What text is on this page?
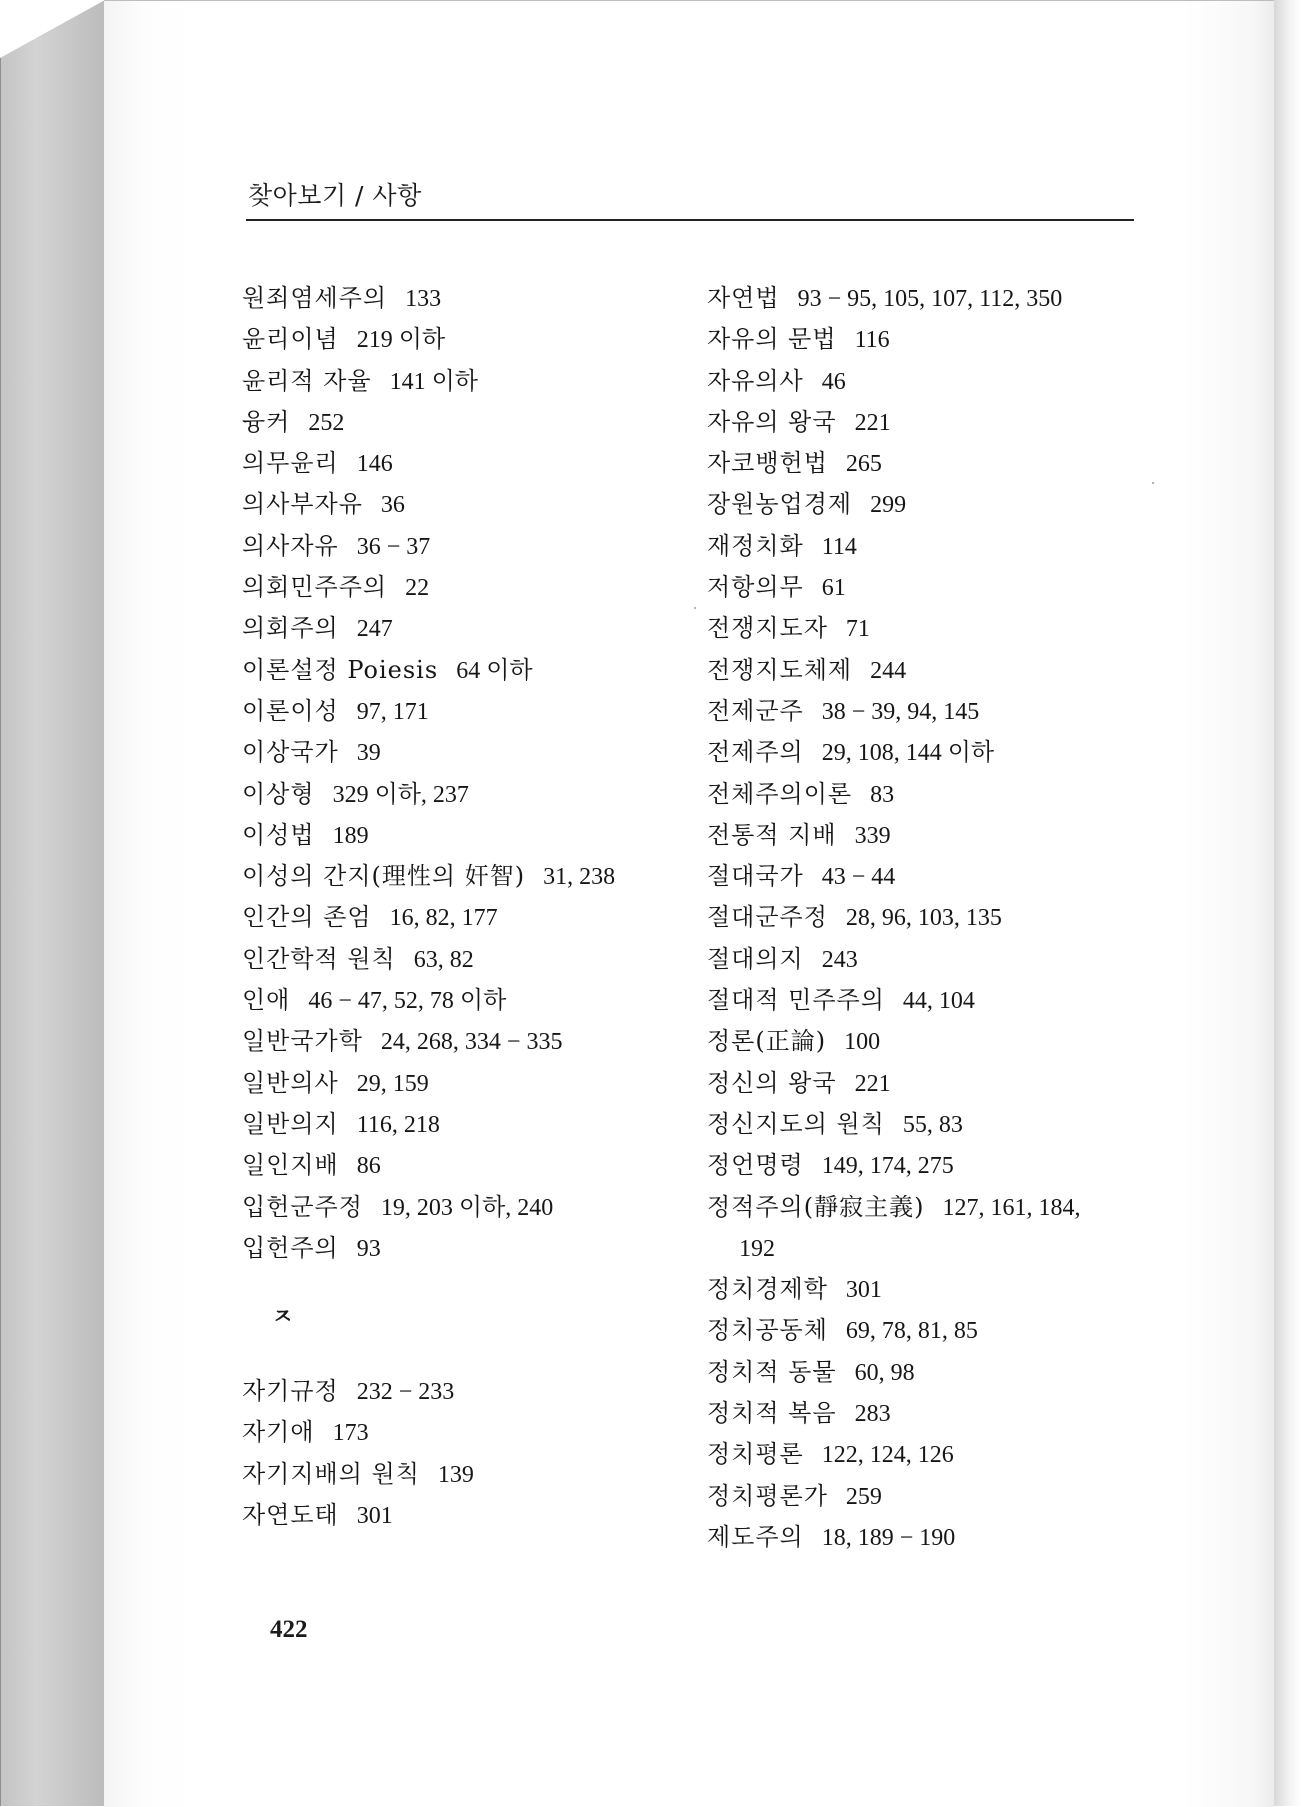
찾아보기 / 사항
원죄염세주의 133
윤리이념 219 이하
윤리적 자율 141 이하
융커 252
의무윤리 146
의사부자유 36
의사자유 36 − 37
의회민주주의 22
의회주의 247
이론설정 Poiesis 64 이하
이론이성 97, 171
이상국가 39
이상형 329 이하, 237
이성법 189
이성의 간지(理性의 奸智) 31, 238
인간의 존엄 16, 82, 177
인간학적 원칙 63, 82
인애 46 − 47, 52, 78 이하
일반국가학 24, 268, 334 − 335
일반의사 29, 159
일반의지 116, 218
일인지배 86
입헌군주정 19, 203 이하, 240
입헌주의 93
ㅈ
자기규정 232 − 233
자기애 173
자기지배의 원칙 139
자연도태 301
자연법 93 − 95, 105, 107, 112, 350
자유의 문법 116
자유의사 46
자유의 왕국 221
자코뱅헌법 265
장원농업경제 299
재정치화 114
저항의무 61
전쟁지도자 71
전쟁지도체제 244
전제군주 38 − 39, 94, 145
전제주의 29, 108, 144 이하
전체주의이론 83
전통적 지배 339
절대국가 43 − 44
절대군주정 28, 96, 103, 135
절대의지 243
절대적 민주주의 44, 104
정론(正論) 100
정신의 왕국 221
정신지도의 원칙 55, 83
정언명령 149, 174, 275
정적주의(靜寂主義) 127, 161, 184,
192
정치경제학 301
정치공동체 69, 78, 81, 85
정치적 동물 60, 98
정치적 복음 283
정치평론 122, 124, 126
정치평론가 259
제도주의 18, 189 − 190
422
